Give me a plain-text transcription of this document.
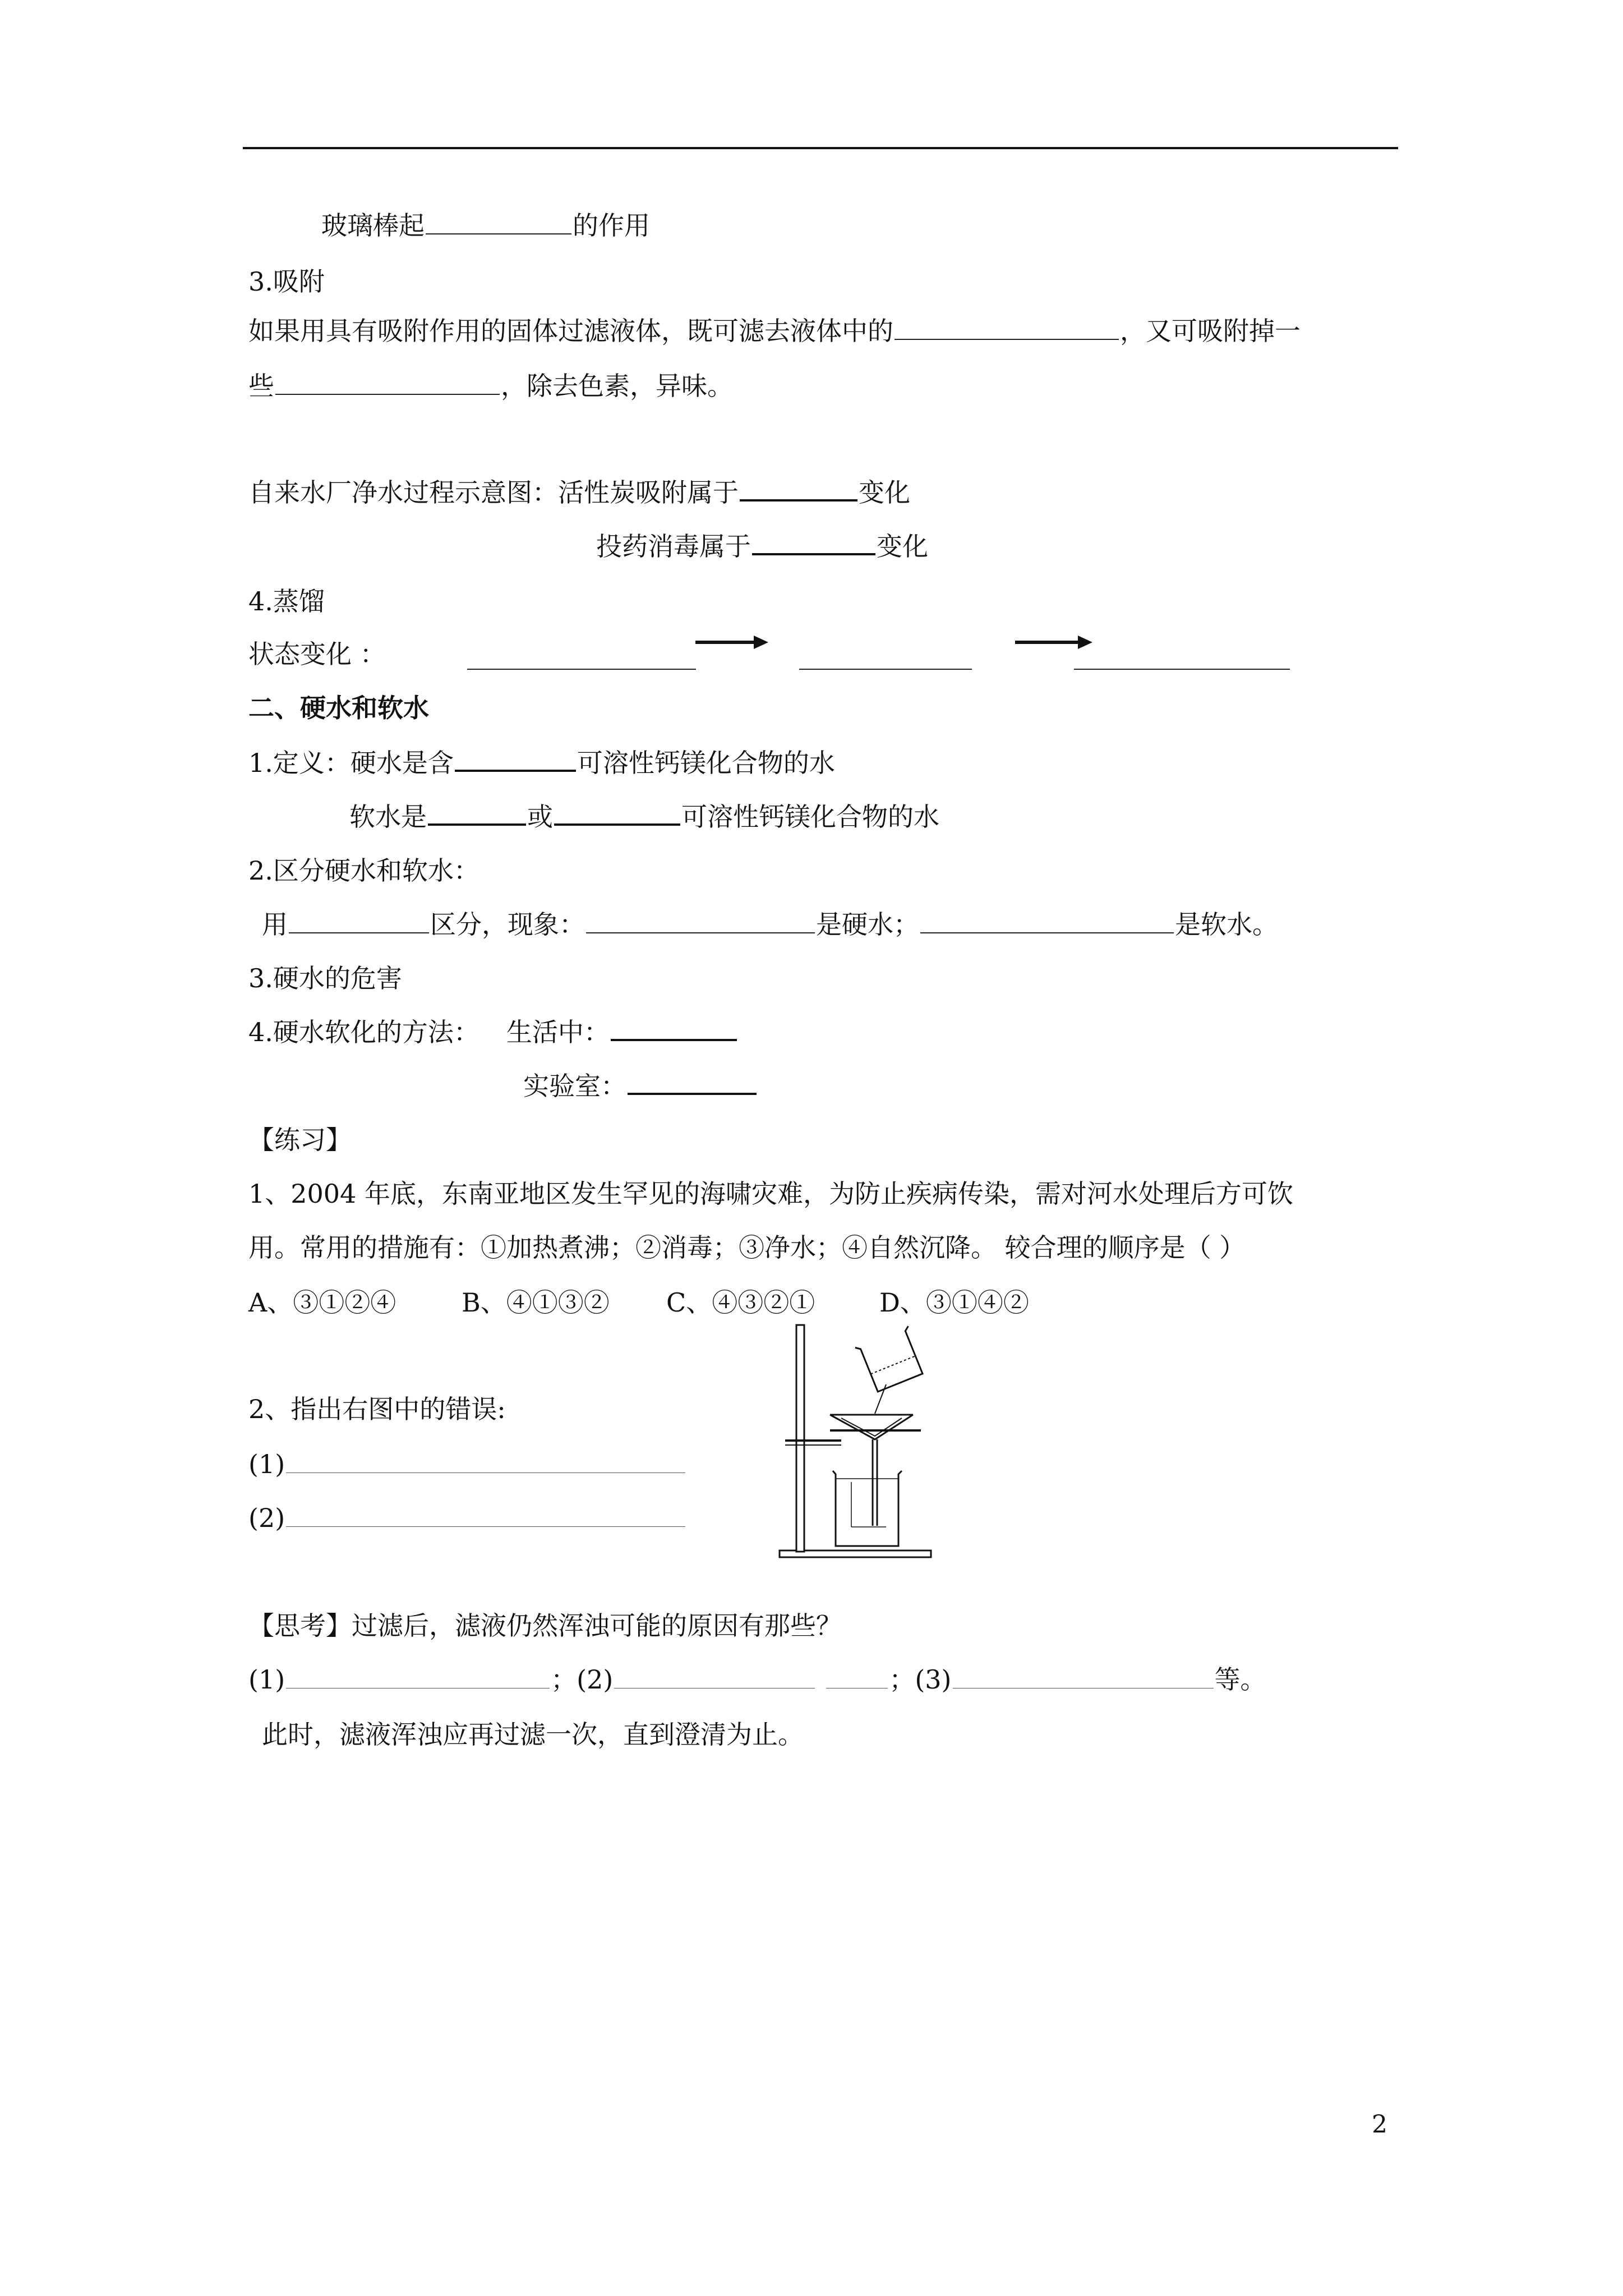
玻璃棒起	的作用
3.吸附
如果用具有吸附作用的固体过滤液体，既可滤去液体中的	，又可吸附掉一
些	，除去色素，异味。
自来水厂净水过程示意图：活性炭吸附属于	变化
投药消毒属于	变化
4.蒸馏
状态变化 ：
二、硬水和软水
1.定义：硬水是含	可溶性钙镁化合物的水
软水是	或	可溶性钙镁化合物的水
2.区分硬水和软水：
用	区分，现象：	是硬水；	是软水。
3.硬水的危害
4.硬水软化的方法： 生活中：
实验室：
【练习】
1、2004 年底，东南亚地区发生罕见的海啸灾难，为防止疾病传染，需对河水处理后方可饮
用。常用的措施有：①加热煮沸；②消毒；③净水；④自然沉降。 较合理的顺序是（ ）
A、③①②④	B、④①③② C、④③②① D、③①④②
2、指出右图中的错误:
(1)
(2)
【思考】过滤后，滤液仍然浑浊可能的原因有那些？
(1)	；(2)	；(3)	等。
此时，滤液浑浊应再过滤一次，直到澄清为止。
2
